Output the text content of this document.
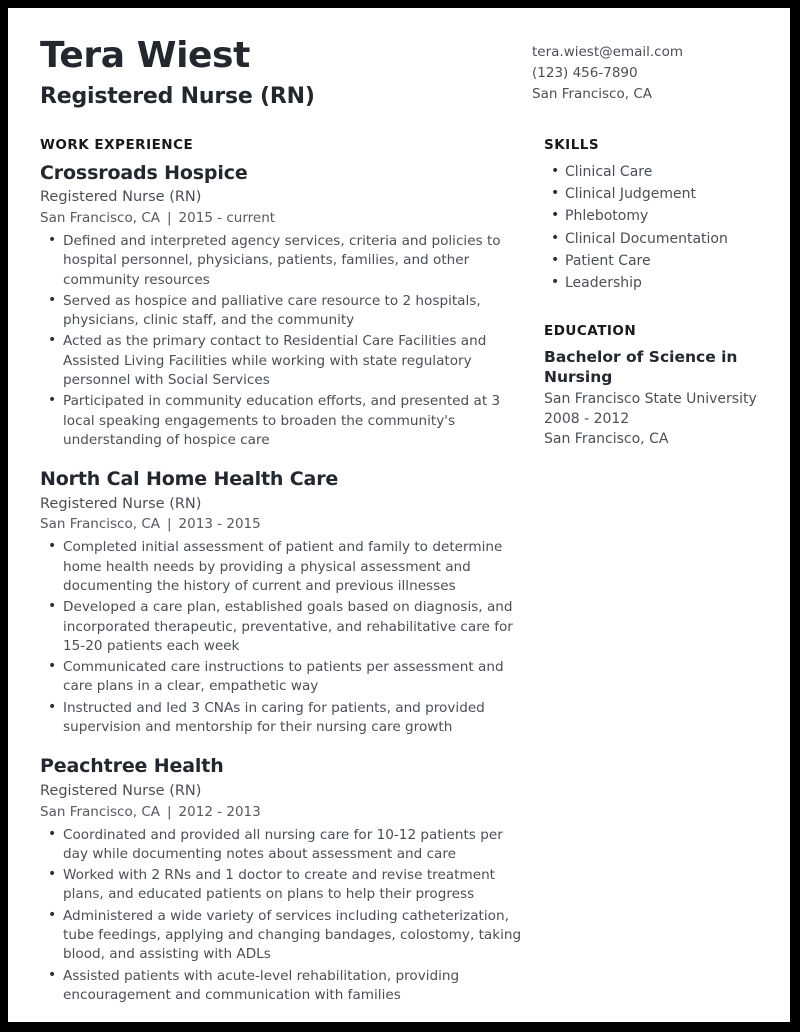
Tera Wiest
Registered Nurse (RN)
tera.wiest@email.com
(123) 456-7890
San Francisco, CA
WORK EXPERIENCE
Crossroads Hospice
Registered Nurse (RN)
San Francisco, CA | 2015 - current
• Defined and interpreted agency services, criteria and policies to hospital personnel, physicians, patients, families, and other community resources
• Served as hospice and palliative care resource to 2 hospitals, physicians, clinic staff, and the community
• Acted as the primary contact to Residential Care Facilities and Assisted Living Facilities while working with state regulatory personnel with Social Services
• Participated in community education efforts, and presented at 3 local speaking engagements to broaden the community's understanding of hospice care
North Cal Home Health Care
Registered Nurse (RN)
San Francisco, CA | 2013 - 2015
• Completed initial assessment of patient and family to determine home health needs by providing a physical assessment and documenting the history of current and previous illnesses
• Developed a care plan, established goals based on diagnosis, and incorporated therapeutic, preventative, and rehabilitative care for 15-20 patients each week
• Communicated care instructions to patients per assessment and care plans in a clear, empathetic way
• Instructed and led 3 CNAs in caring for patients, and provided supervision and mentorship for their nursing care growth
Peachtree Health
Registered Nurse (RN)
San Francisco, CA | 2012 - 2013
• Coordinated and provided all nursing care for 10-12 patients per day while documenting notes about assessment and care
• Worked with 2 RNs and 1 doctor to create and revise treatment plans, and educated patients on plans to help their progress
• Administered a wide variety of services including catheterization, tube feedings, applying and changing bandages, colostomy, taking blood, and assisting with ADLs
• Assisted patients with acute-level rehabilitation, providing encouragement and communication with families
SKILLS
• Clinical Care
• Clinical Judgement
• Phlebotomy
• Clinical Documentation
• Patient Care
• Leadership
EDUCATION
Bachelor of Science in Nursing
San Francisco State University
2008 - 2012
San Francisco, CA
